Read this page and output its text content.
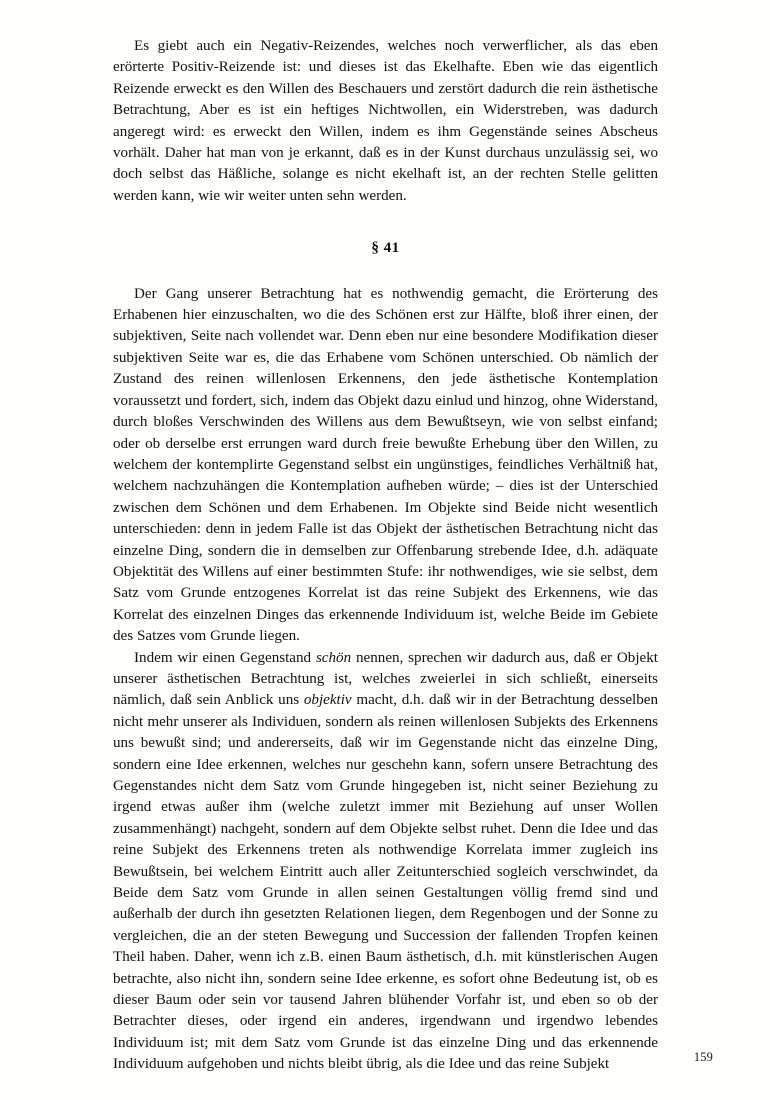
Es giebt auch ein Negativ-Reizendes, welches noch verwerflicher, als das eben erörterte Positiv-Reizende ist: und dieses ist das Ekelhafte. Eben wie das eigentlich Reizende erweckt es den Willen des Beschauers und zerstört dadurch die rein ästhetische Betrachtung, Aber es ist ein heftiges Nichtwollen, ein Widerstreben, was dadurch angeregt wird: es erweckt den Willen, indem es ihm Gegenstände seines Abscheus vorhält. Daher hat man von je erkannt, daß es in der Kunst durchaus unzulässig sei, wo doch selbst das Häßliche, solange es nicht ekelhaft ist, an der rechten Stelle gelitten werden kann, wie wir weiter unten sehn werden.

§ 41

Der Gang unserer Betrachtung hat es nothwendig gemacht, die Erörterung des Erhabenen hier einzuschalten, wo die des Schönen erst zur Hälfte, bloß ihrer einen, der subjektiven, Seite nach vollendet war. Denn eben nur eine besondere Modifikation dieser subjektiven Seite war es, die das Erhabene vom Schönen unterschied. Ob nämlich der Zustand des reinen willenlosen Erkennens, den jede ästhetische Kontemplation voraussetzt und fordert, sich, indem das Objekt dazu einlud und hinzog, ohne Widerstand, durch bloßes Verschwinden des Willens aus dem Bewußtseyn, wie von selbst einfand; oder ob derselbe erst errungen ward durch freie bewußte Erhebung über den Willen, zu welchem der kontemplirte Gegenstand selbst ein ungünstiges, feindliches Verhältniß hat, welchem nachzuhängen die Kontemplation aufheben würde; – dies ist der Unterschied zwischen dem Schönen und dem Erhabenen. Im Objekte sind Beide nicht wesentlich unterschieden: denn in jedem Falle ist das Objekt der ästhetischen Betrachtung nicht das einzelne Ding, sondern die in demselben zur Offenbarung strebende Idee, d.h. adäquate Objektität des Willens auf einer bestimmten Stufe: ihr nothwendiges, wie sie selbst, dem Satz vom Grunde entzogenes Korrelat ist das reine Subjekt des Erkennens, wie das Korrelat des einzelnen Dinges das erkennende Individuum ist, welche Beide im Gebiete des Satzes vom Grunde liegen.

Indem wir einen Gegenstand schön nennen, sprechen wir dadurch aus, daß er Objekt unserer ästhetischen Betrachtung ist, welches zweierlei in sich schließt, einerseits nämlich, daß sein Anblick uns objektiv macht, d.h. daß wir in der Betrachtung desselben nicht mehr unserer als Individuen, sondern als reinen willenlosen Subjekts des Erkennens uns bewußt sind; und andererseits, daß wir im Gegenstande nicht das einzelne Ding, sondern eine Idee erkennen, welches nur geschehn kann, sofern unsere Betrachtung des Gegenstandes nicht dem Satz vom Grunde hingegeben ist, nicht seiner Beziehung zu irgend etwas außer ihm (welche zuletzt immer mit Beziehung auf unser Wollen zusammenhängt) nachgeht, sondern auf dem Objekte selbst ruhet. Denn die Idee und das reine Subjekt des Erkennens treten als nothwendige Korrelata immer zugleich ins Bewußtsein, bei welchem Eintritt auch aller Zeitunterschied sogleich verschwindet, da Beide dem Satz vom Grunde in allen seinen Gestaltungen völlig fremd sind und außerhalb der durch ihn gesetzten Relationen liegen, dem Regenbogen und der Sonne zu vergleichen, die an der steten Bewegung und Succession der fallenden Tropfen keinen Theil haben. Daher, wenn ich z.B. einen Baum ästhetisch, d.h. mit künstlerischen Augen betrachte, also nicht ihn, sondern seine Idee erkenne, es sofort ohne Bedeutung ist, ob es dieser Baum oder sein vor tausend Jahren blühender Vorfahr ist, und eben so ob der Betrachter dieses, oder irgend ein anderes, irgendwann und irgendwo lebendes Individuum ist; mit dem Satz vom Grunde ist das einzelne Ding und das erkennende Individuum aufgehoben und nichts bleibt übrig, als die Idee und das reine Subjekt	159
